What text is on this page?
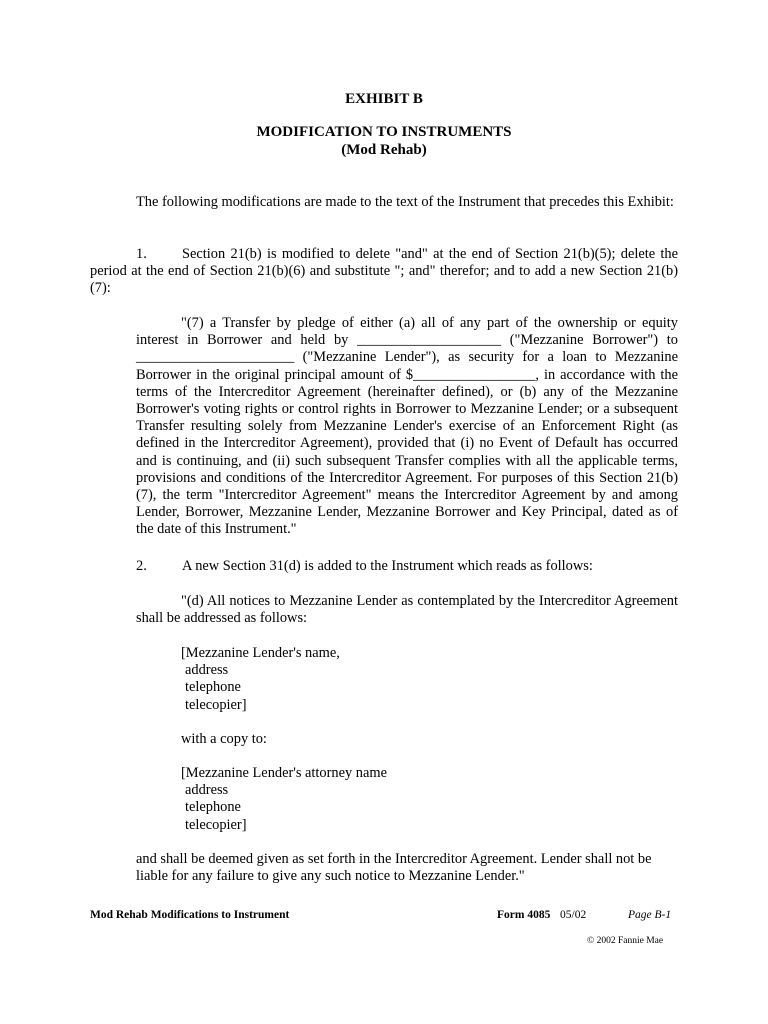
EXHIBIT B
MODIFICATION TO INSTRUMENTS
(Mod Rehab)
The following modifications are made to the text of the Instrument that precedes this Exhibit:
1. Section 21(b) is modified to delete "and" at the end of Section 21(b)(5); delete the period at the end of Section 21(b)(6) and substitute "; and" therefor; and to add a new Section 21(b)(7):
"(7) a Transfer by pledge of either (a) all of any part of the ownership or equity interest in Borrower and held by ____________________ ("Mezzanine Borrower") to ______________________ ("Mezzanine Lender"), as security for a loan to Mezzanine Borrower in the original principal amount of $_________________, in accordance with the terms of the Intercreditor Agreement (hereinafter defined), or (b) any of the Mezzanine Borrower's voting rights or control rights in Borrower to Mezzanine Lender; or a subsequent Transfer resulting solely from Mezzanine Lender's exercise of an Enforcement Right (as defined in the Intercreditor Agreement), provided that (i) no Event of Default has occurred and is continuing, and (ii) such subsequent Transfer complies with all the applicable terms, provisions and conditions of the Intercreditor Agreement. For purposes of this Section 21(b)(7), the term "Intercreditor Agreement" means the Intercreditor Agreement by and among Lender, Borrower, Mezzanine Lender, Mezzanine Borrower and Key Principal, dated as of the date of this Instrument."
2. A new Section 31(d) is added to the Instrument which reads as follows:
"(d) All notices to Mezzanine Lender as contemplated by the Intercreditor Agreement shall be addressed as follows:
[Mezzanine Lender's name,
address
telephone
telecopier]
with a copy to:
[Mezzanine Lender's attorney name
address
telephone
telecopier]
and shall be deemed given as set forth in the Intercreditor Agreement. Lender shall not be liable for any failure to give any such notice to Mezzanine Lender."
Mod Rehab Modifications to Instrument	Form 4085 05/02	Page B-1
© 2002 Fannie Mae
